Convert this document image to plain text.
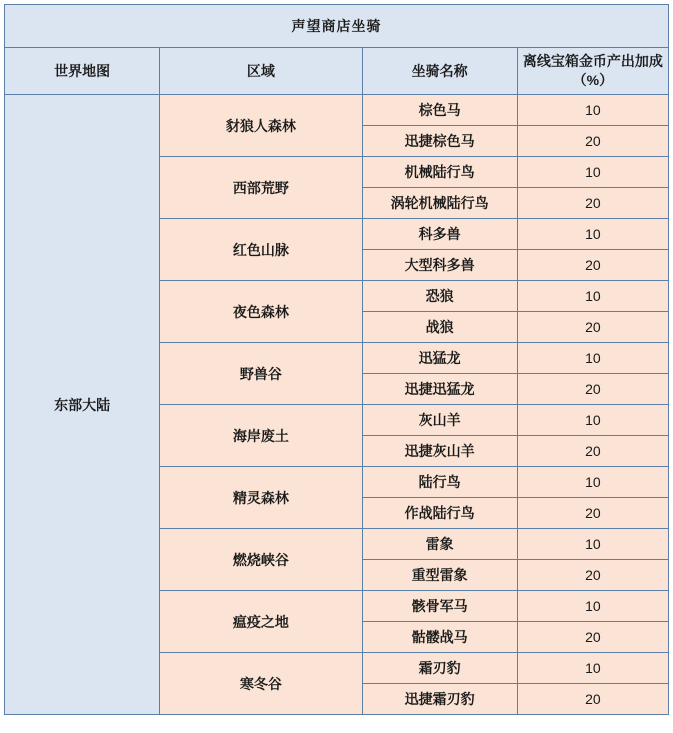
声望商店坐骑			
世界地图	区域	坐骑名称	离线宝箱金币产出加成（%）
东部大陆	豺狼人森林	棕色马	10
		迅捷棕色马	20
	西部荒野	机械陆行鸟	10
		涡轮机械陆行鸟	20
	红色山脉	科多兽	10
		大型科多兽	20
	夜色森林	恐狼	10
		战狼	20
	野兽谷	迅猛龙	10
		迅捷迅猛龙	20
	海岸废土	灰山羊	10
		迅捷灰山羊	20
	精灵森林	陆行鸟	10
		作战陆行鸟	20
	燃烧峡谷	雷象	10
		重型雷象	20
	瘟疫之地	骸骨军马	10
		骷髅战马	20
	寒冬谷	霜刃豹	10
		迅捷霜刃豹	20
